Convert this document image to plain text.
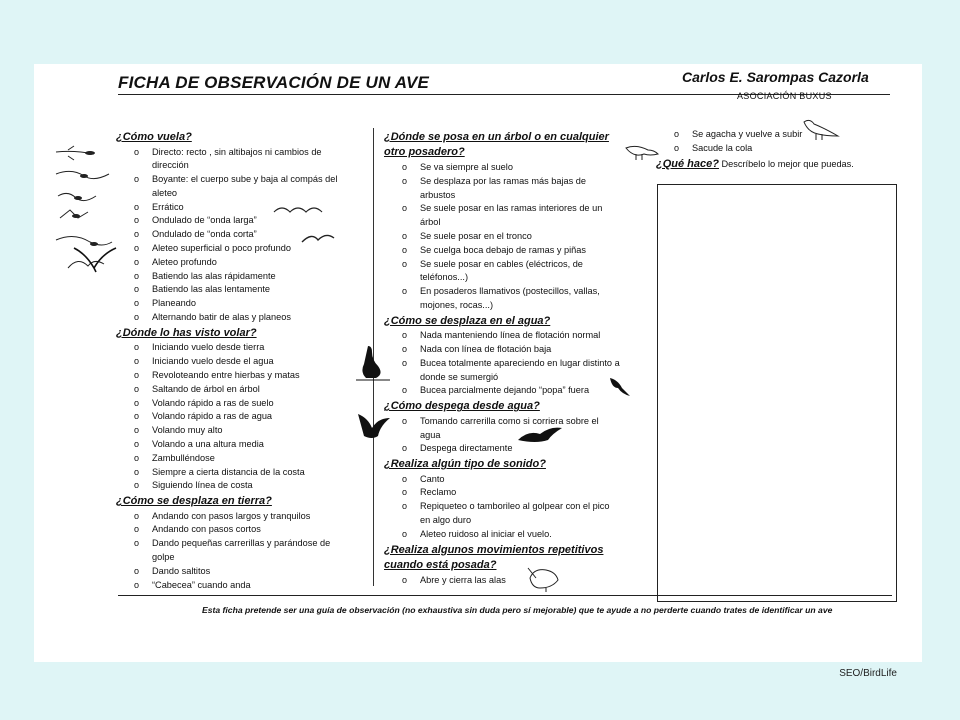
FICHA DE OBSERVACIÓN DE UN AVE	Carlos E. Sarompas Cazorla
ASOCIACIÓN BUXUS
¿Cómo vuela?
o Directo: recto , sin altibajos ni cambios de dirección
o Boyante: el cuerpo sube y baja al compás del aleteo
o Errático
o Ondulado de “onda larga”
o Ondulado de “onda corta”
o Aleteo superficial o poco profundo
o Aleteo profundo
o Batiendo las alas rápidamente
o Batiendo las alas lentamente
o Planeando
o Alternando batir de alas y planeos
¿Dónde lo has visto volar?
o Iniciando vuelo desde tierra
o Iniciando vuelo desde el agua
o Revoloteando entre hierbas y matas
o Saltando de árbol en árbol
o Volando rápido a ras de suelo
o Volando rápido a ras de agua
o Volando muy alto
o Volando a una altura media
o Zambulléndose
o Siempre a cierta distancia de la costa
o Siguiendo línea de costa
¿Cómo se desplaza en tierra?
o Andando con pasos largos y tranquilos
o Andando con pasos cortos
o Dando pequeñas carrerillas y parándose de golpe
o Dando saltitos
o “Cabecea” cuando anda
¿Dónde se posa en un árbol o en cualquier otro posadero?
o Se va siempre al suelo
o Se desplaza por las ramas más bajas de arbustos
o Se suele posar en las ramas interiores de un árbol
o Se suele posar en el tronco
o Se cuelga boca debajo de ramas y piñas
o Se suele posar en cables (eléctricos, de teléfonos...)
o En posaderos llamativos (postecillos, vallas, mojones, rocas...)
¿Cómo se desplaza en el agua?
o Nada manteniendo línea de flotación normal
o Nada con línea de flotación baja
o Bucea totalmente apareciendo en lugar distinto a donde se sumergió
o Bucea parcialmente dejando “popa” fuera
¿Cómo despega desde agua?
o Tomando carrerilla como si corriera sobre el agua
o Despega directamente
¿Realiza algún tipo de sonido?
o Canto
o Reclamo
o Repiqueteo o tamborileo al golpear con el pico en algo duro
o Aleteo ruidoso al iniciar el vuelo.
¿Realiza algunos movimientos repetitivos cuando está posada?
o Abre y cierra las alas
o Se agacha y vuelve a subir
o Sacude la cola
¿Qué hace? Descríbelo lo mejor que puedas.
Esta ficha pretende ser una guía de observación (no exhaustiva sin duda pero sí mejorable) que te ayude a no perderte cuando trates de identificar un ave
SEO/BirdLife
